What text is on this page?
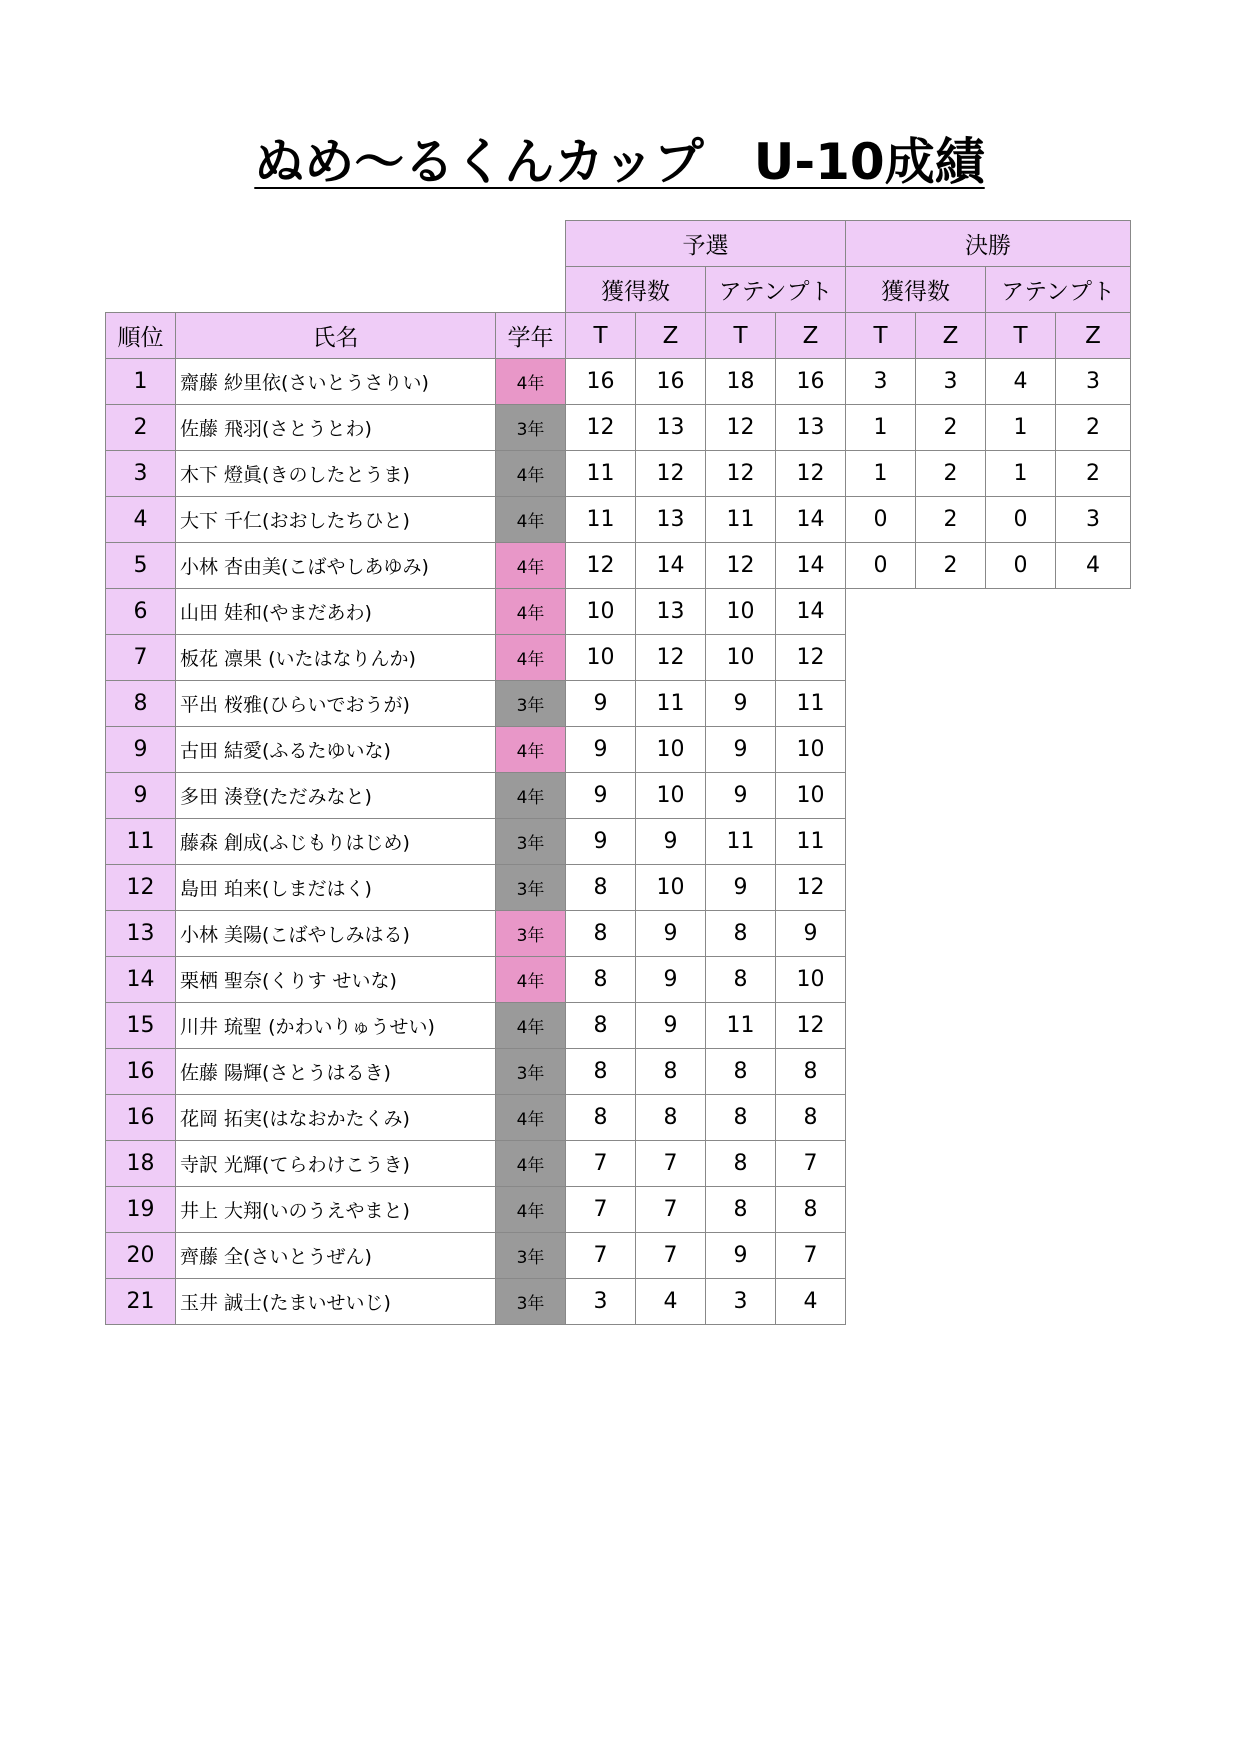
ぬめ〜るくんカップ　U-10成績
			予選				決勝			
			獲得数		アテンプト		獲得数		アテンプト	
順位	氏名	学年	T	Z	T	Z	T	Z	T	Z
1	齋藤 紗里依(さいとうさりい)	4年	16	16	18	16	3	3	4	3
2	佐藤 飛羽(さとうとわ)	3年	12	13	12	13	1	2	1	2
3	木下 燈眞(きのしたとうま)	4年	11	12	12	12	1	2	1	2
4	大下 千仁(おおしたちひと)	4年	11	13	11	14	0	2	0	3
5	小林 杏由美(こばやしあゆみ)	4年	12	14	12	14	0	2	0	4
6	山田 娃和(やまだあわ)	4年	10	13	10	14				
7	板花 凛果 (いたはなりんか)	4年	10	12	10	12				
8	平出 桜雅(ひらいでおうが)	3年	9	11	9	11				
9	古田 結愛(ふるたゆいな)	4年	9	10	9	10				
9	多田 湊登(ただみなと)	4年	9	10	9	10				
11	藤森 創成(ふじもりはじめ)	3年	9	9	11	11				
12	島田 珀来(しまだはく)	3年	8	10	9	12				
13	小林 美陽(こばやしみはる)	3年	8	9	8	9				
14	栗栖 聖奈(くりす せいな)	4年	8	9	8	10				
15	川井 琉聖 (かわいりゅうせい)	4年	8	9	11	12				
16	佐藤 陽輝(さとうはるき)	3年	8	8	8	8				
16	花岡 拓実(はなおかたくみ)	4年	8	8	8	8				
18	寺訳 光輝(てらわけこうき)	4年	7	7	8	7				
19	井上 大翔(いのうえやまと)	4年	7	7	8	8				
20	齊藤 全(さいとうぜん)	3年	7	7	9	7				
21	玉井 誠士(たまいせいじ)	3年	3	4	3	4				
